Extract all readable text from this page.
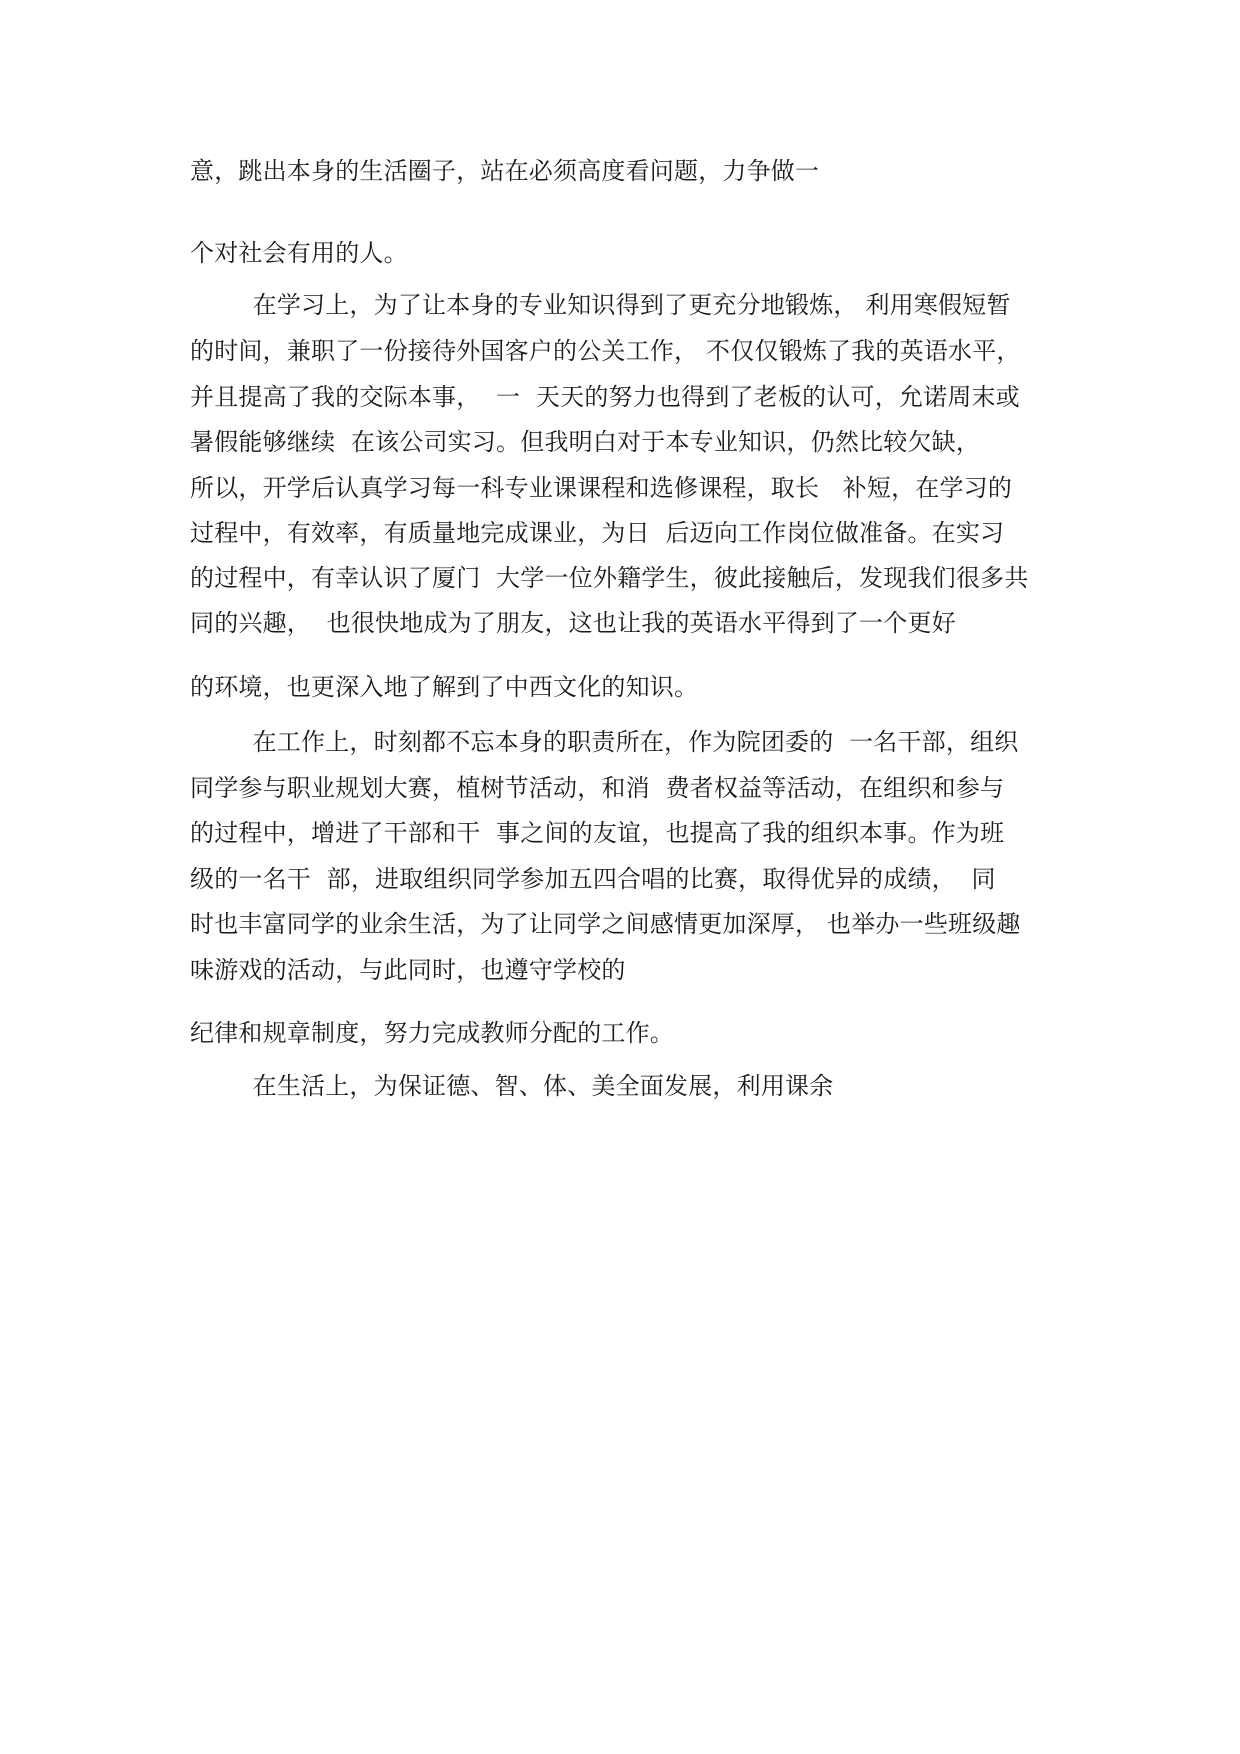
意，跳出本身的生活圈子，站在必须高度看问题，力争做一
个对社会有用的人。
在学习上，为了让本身的专业知识得到了更充分地锻炼， 利用寒假短暂
的时间，兼职了一份接待外国客户的公关工作， 不仅仅锻炼了我的英语水平，
并且提高了我的交际本事，  一  天天的努力也得到了老板的认可，允诺周末或
暑假能够继续  在该公司实习。但我明白对于本专业知识，仍然比较欠缺，
所以，开学后认真学习每一科专业课课程和选修课程，取长   补短，在学习的
过程中，有效率，有质量地完成课业，为日  后迈向工作岗位做准备。在实习
的过程中，有幸认识了厦门  大学一位外籍学生，彼此接触后，发现我们很多共
同的兴趣，  也很快地成为了朋友，这也让我的英语水平得到了一个更好
的环境，也更深入地了解到了中西文化的知识。
在工作上，时刻都不忘本身的职责所在，作为院团委的  一名干部，组织
同学参与职业规划大赛，植树节活动，和消  费者权益等活动，在组织和参与
的过程中，增进了干部和干  事之间的友谊，也提高了我的组织本事。作为班
级的一名干  部，进取组织同学参加五四合唱的比赛，取得优异的成绩，  同
时也丰富同学的业余生活，为了让同学之间感情更加深厚， 也举办一些班级趣
味游戏的活动，与此同时，也遵守学校的
纪律和规章制度，努力完成教师分配的工作。
在生活上，为保证德、智、体、美全面发展，利用课余
